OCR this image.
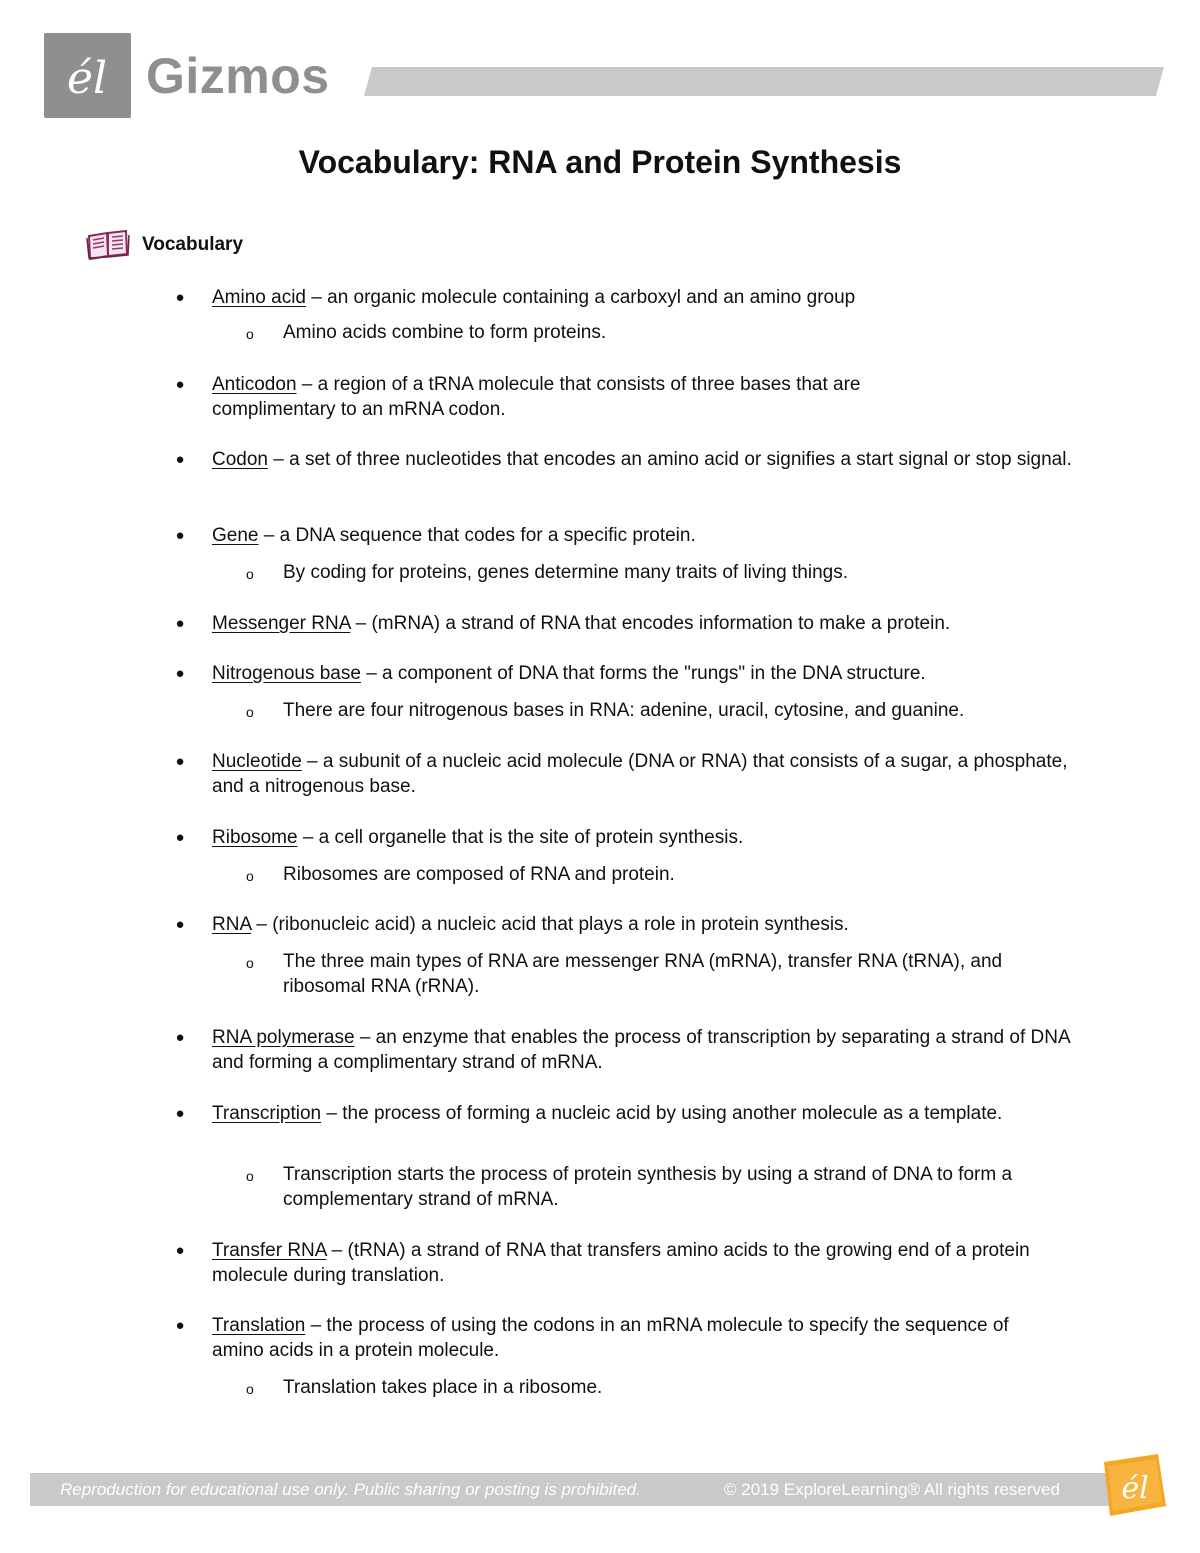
él Gizmos
Vocabulary: RNA and Protein Synthesis
Vocabulary
● Amino acid – an organic molecule containing a carboxyl and an amino group
o Amino acids combine to form proteins.
● Anticodon – a region of a tRNA molecule that consists of three bases that are complimentary to an mRNA codon.
● Codon – a set of three nucleotides that encodes an amino acid or signifies a start signal or stop signal.
● Gene – a DNA sequence that codes for a specific protein.
o By coding for proteins, genes determine many traits of living things.
● Messenger RNA – (mRNA) a strand of RNA that encodes information to make a protein.
● Nitrogenous base – a component of DNA that forms the "rungs" in the DNA structure.
o There are four nitrogenous bases in RNA: adenine, uracil, cytosine, and guanine.
● Nucleotide – a subunit of a nucleic acid molecule (DNA or RNA) that consists of a sugar, a phosphate, and a nitrogenous base.
● Ribosome – a cell organelle that is the site of protein synthesis.
o Ribosomes are composed of RNA and protein.
● RNA – (ribonucleic acid) a nucleic acid that plays a role in protein synthesis.
o The three main types of RNA are messenger RNA (mRNA), transfer RNA (tRNA), and ribosomal RNA (rRNA).
● RNA polymerase – an enzyme that enables the process of transcription by separating a strand of DNA and forming a complimentary strand of mRNA.
● Transcription – the process of forming a nucleic acid by using another molecule as a template.
o Transcription starts the process of protein synthesis by using a strand of DNA to form a complementary strand of mRNA.
● Transfer RNA – (tRNA) a strand of RNA that transfers amino acids to the growing end of a protein molecule during translation.
● Translation – the process of using the codons in an mRNA molecule to specify the sequence of amino acids in a protein molecule.
o Translation takes place in a ribosome.
Reproduction for educational use only. Public sharing or posting is prohibited.	© 2019 ExploreLearning® All rights reserved él
